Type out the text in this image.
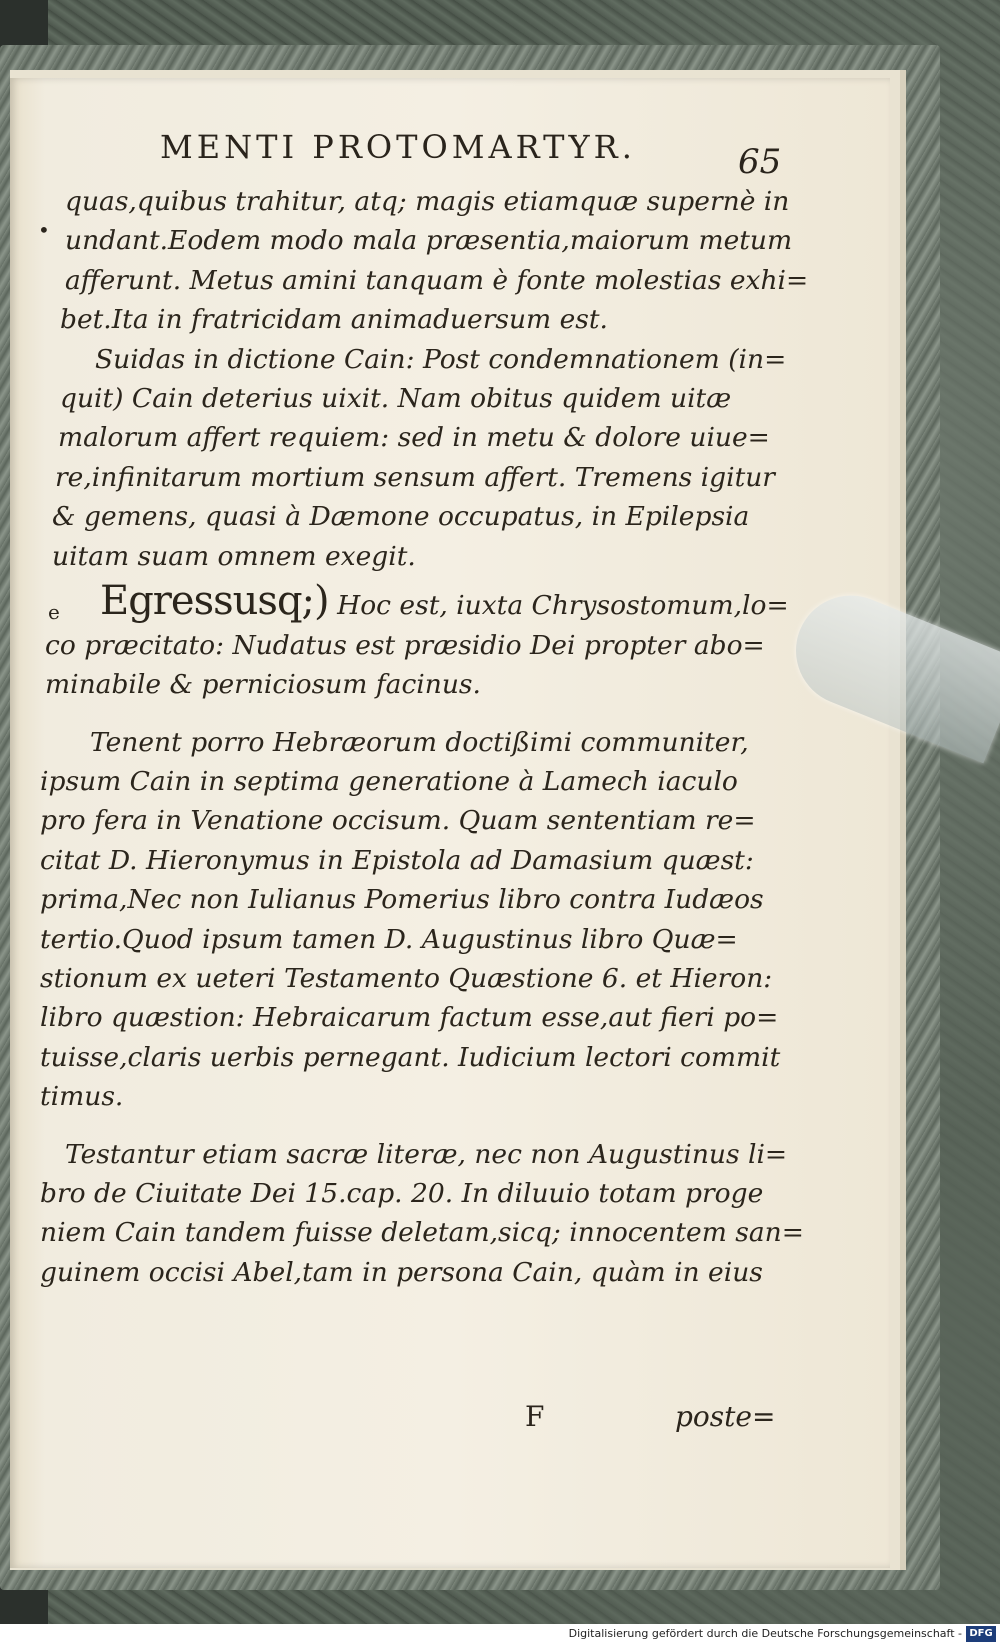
MENTI PROTOMARTYR.	65
•
e
quas,quibus trahitur, atq; magis etiamquæ supernè in
undant.Eodem modo mala præsentia,maiorum metum
afferunt. Metus amini tanquam è fonte molestias exhi=
bet.Ita in fratricidam animaduersum est.
Suidas in dictione Cain: Post condemnationem (in=
quit) Cain deterius uixit. Nam obitus quidem uitæ
malorum affert requiem: sed in metu & dolore uiue=
re,infinitarum mortium sensum affert. Tremens igitur
& gemens, quasi à Dæmone occupatus, in Epilepsia
uitam suam omnem exegit.
Egressusq;) Hoc est, iuxta Chrysostomum,lo=
co præcitato: Nudatus est præsidio Dei propter abo=
minabile & perniciosum facinus.
Tenent porro Hebræorum doctißimi communiter,
ipsum Cain in septima generatione à Lamech iaculo
pro fera in Venatione occisum. Quam sententiam re=
citat D. Hieronymus in Epistola ad Damasium quæst:
prima,Nec non Iulianus Pomerius libro contra Iudæos
tertio.Quod ipsum tamen D. Augustinus libro Quæ=
stionum ex ueteri Testamento Quæstione 6. et Hieron:
libro quæstion: Hebraicarum factum esse,aut fieri po=
tuisse,claris uerbis pernegant. Iudicium lectori commit
timus.
Testantur etiam sacræ literæ, nec non Augustinus li=
bro de Ciuitate Dei 15.cap. 20. In diluuio totam proge
niem Cain tandem fuisse deletam,sicq; innocentem san=
guinem occisi Abel,tam in persona Cain, quàm in eius
F	poste=
Digitalisierung gefördert durch die Deutsche Forschungsgemeinschaft - DFG
